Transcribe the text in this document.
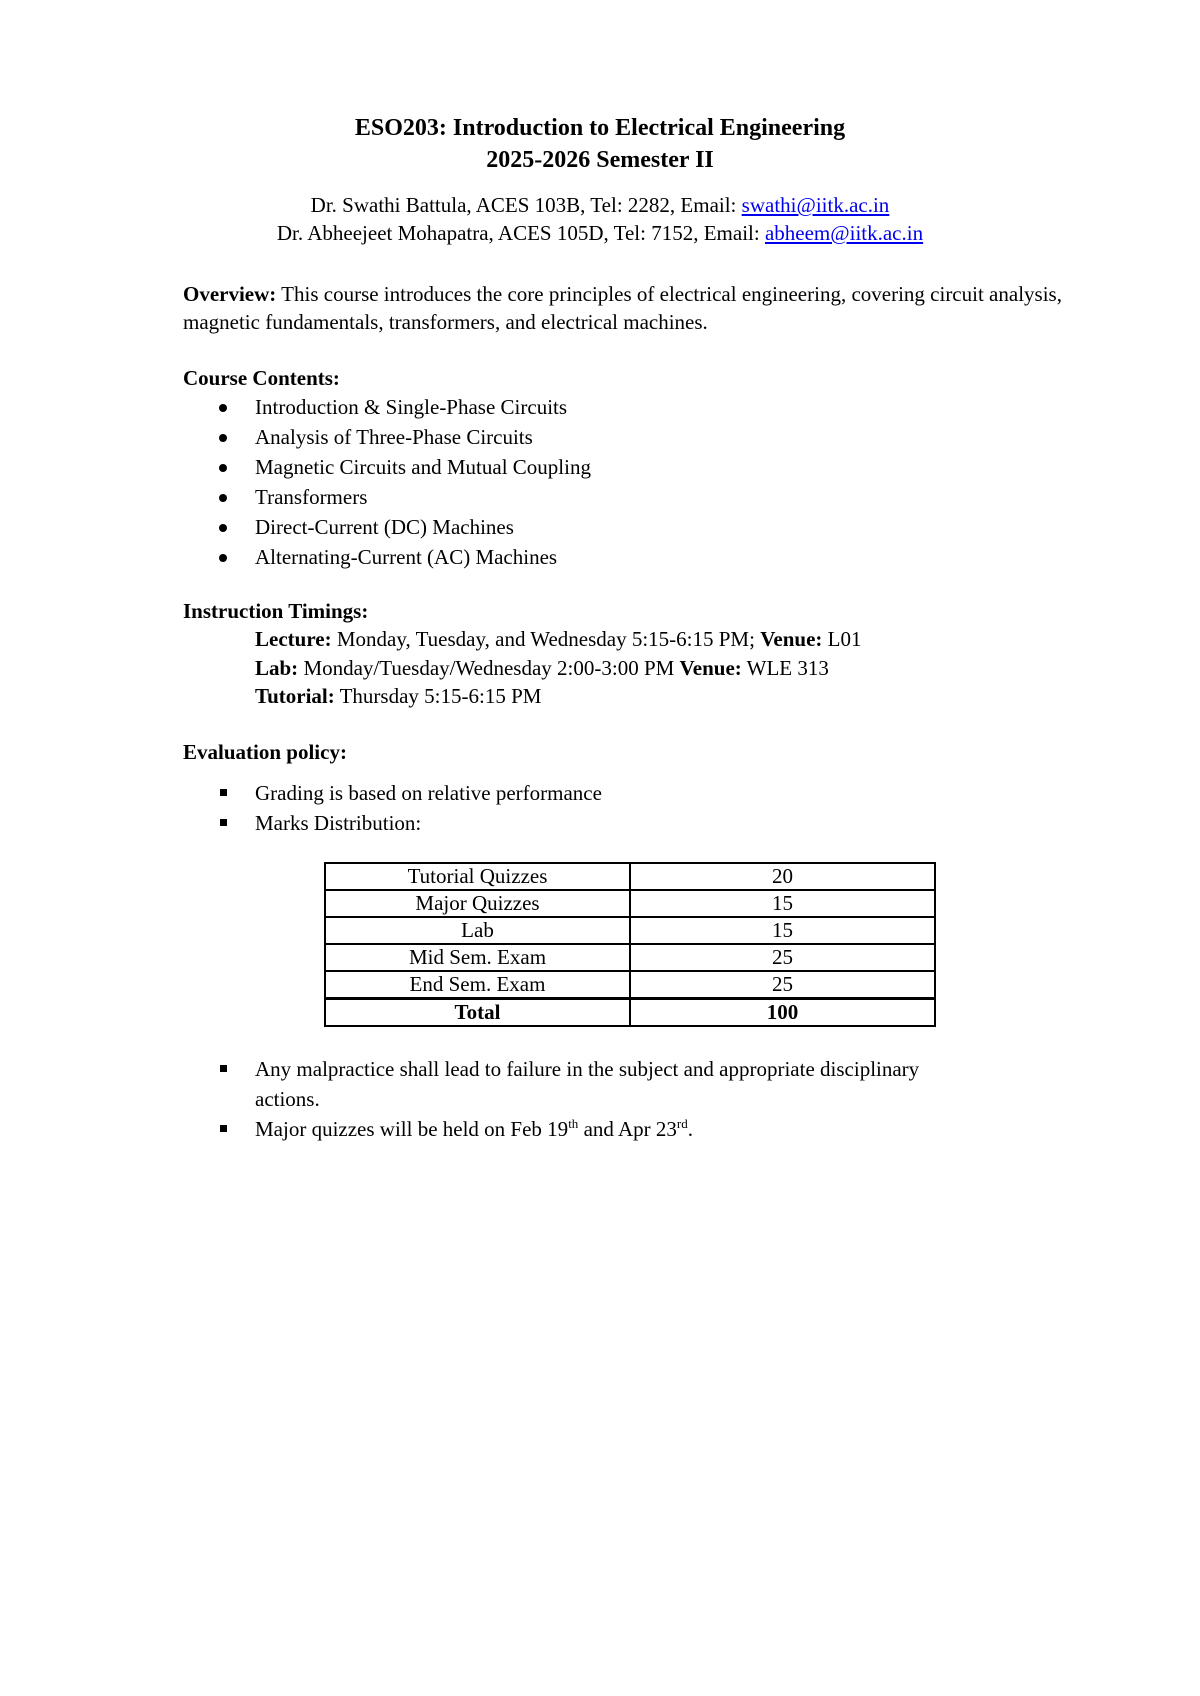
ESO203: Introduction to Electrical Engineering
2025-2026 Semester II
Dr. Swathi Battula, ACES 103B, Tel: 2282, Email: swathi@iitk.ac.in
Dr. Abheejeet Mohapatra, ACES 105D, Tel: 7152, Email: abheem@iitk.ac.in
Overview: This course introduces the core principles of electrical engineering, covering circuit analysis, magnetic fundamentals, transformers, and electrical machines.
Course Contents:
Introduction & Single-Phase Circuits
Analysis of Three-Phase Circuits
Magnetic Circuits and Mutual Coupling
Transformers
Direct-Current (DC) Machines
Alternating-Current (AC) Machines
Instruction Timings:
Lecture: Monday, Tuesday, and Wednesday 5:15-6:15 PM; Venue: L01
Lab: Monday/Tuesday/Wednesday 2:00-3:00 PM Venue: WLE 313
Tutorial: Thursday 5:15-6:15 PM
Evaluation policy:
Grading is based on relative performance
Marks Distribution:
Tutorial Quizzes	20
Major Quizzes	15
Lab	15
Mid Sem. Exam	25
End Sem. Exam	25
Total	100
Any malpractice shall lead to failure in the subject and appropriate disciplinary actions.
Major quizzes will be held on Feb 19th and Apr 23rd.
